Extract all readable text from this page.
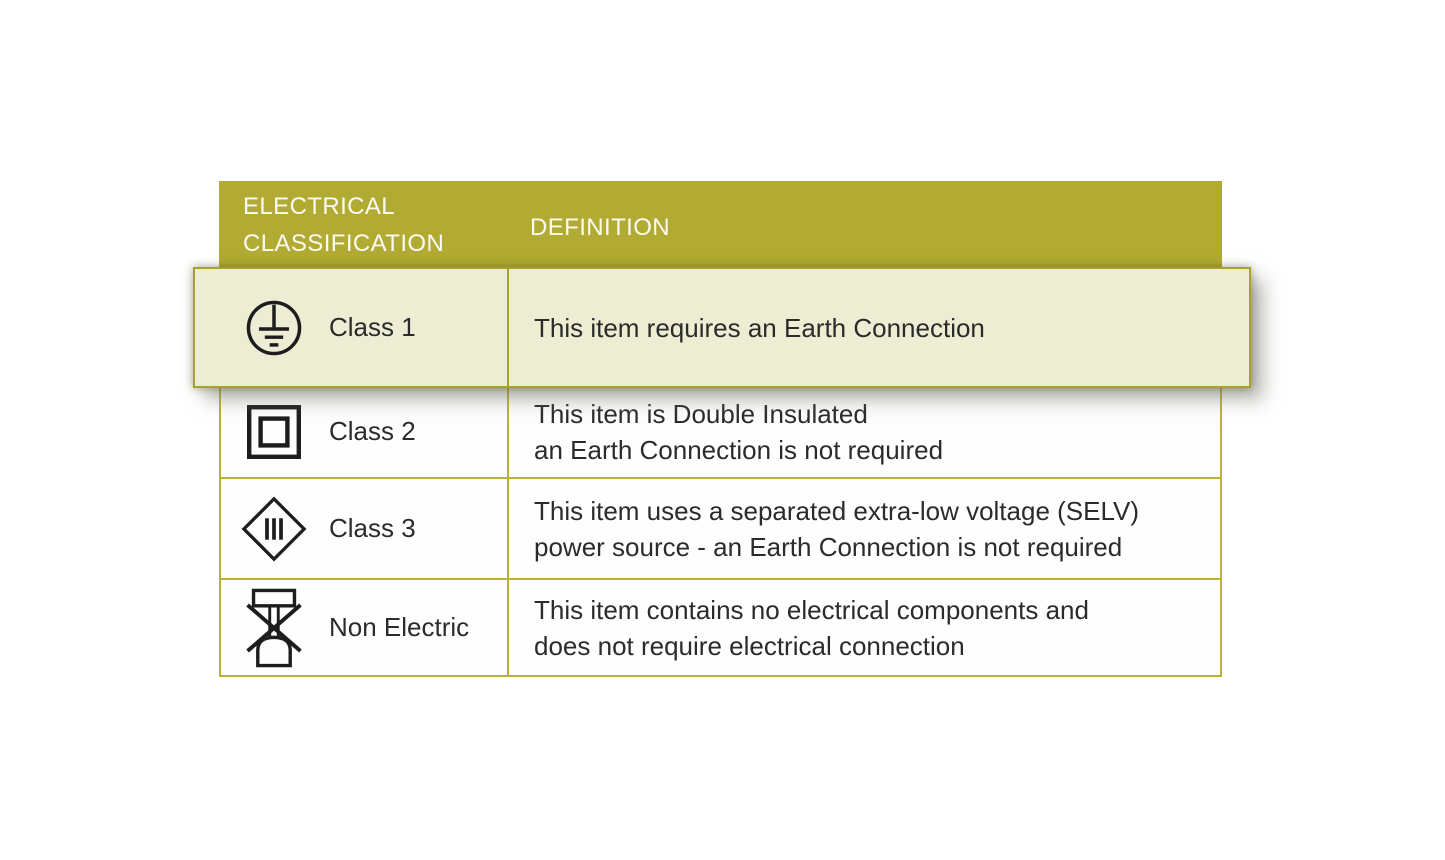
ELECTRICAL
CLASSIFICATION
DEFINITION
Class 2
This item is Double Insulated
an Earth Connection is not required
Class 3
This item uses a separated extra-low voltage (SELV)
power source - an Earth Connection is not required
Non Electric
This item contains no electrical components and
does not require electrical connection
Class 1	This item requires an Earth Connection
